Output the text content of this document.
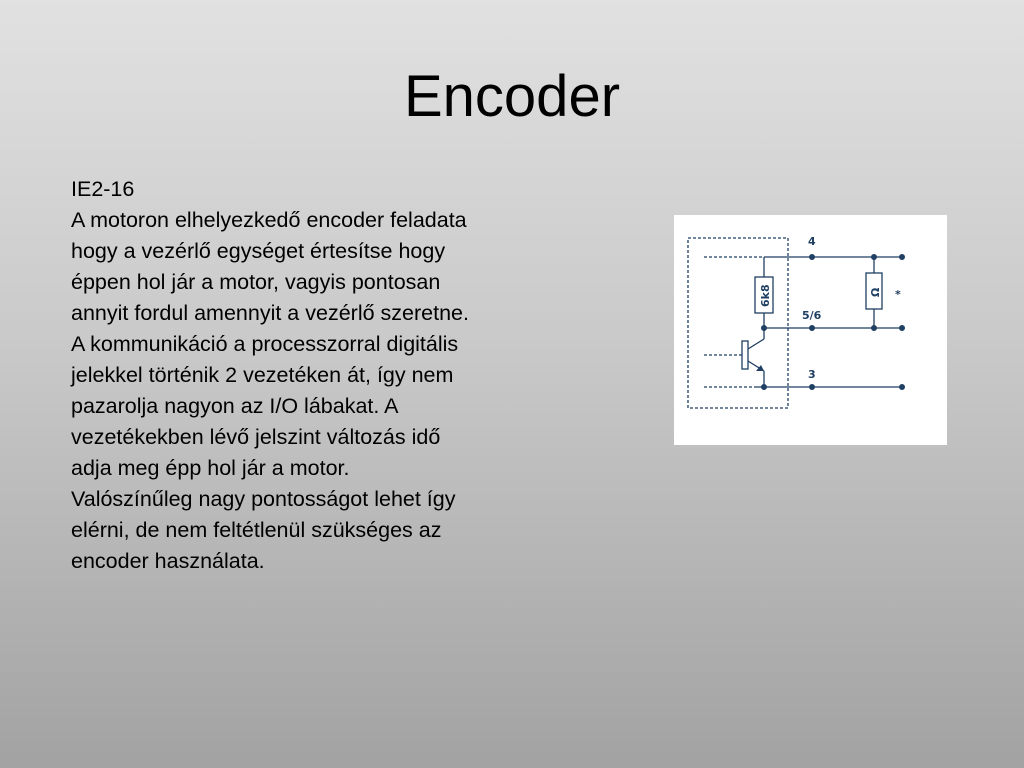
Encoder
IE2-16
A motoron elhelyezkedő encoder feladata
hogy a vezérlő egységet értesítse hogy
éppen hol jár a motor, vagyis pontosan
annyit fordul amennyit a vezérlő szeretne.
A kommunikáció a processzorral digitális
jelekkel történik 2 vezetéken át, így nem
pazarolja nagyon az I/O lábakat. A
vezetékekben lévő jelszint változás idő
adja meg épp hol jár a motor.
Valószínűleg nagy pontosságot lehet így
elérni, de nem feltétlenül szükséges az
encoder használata.
4
5/6
3
6k8	Ω *
